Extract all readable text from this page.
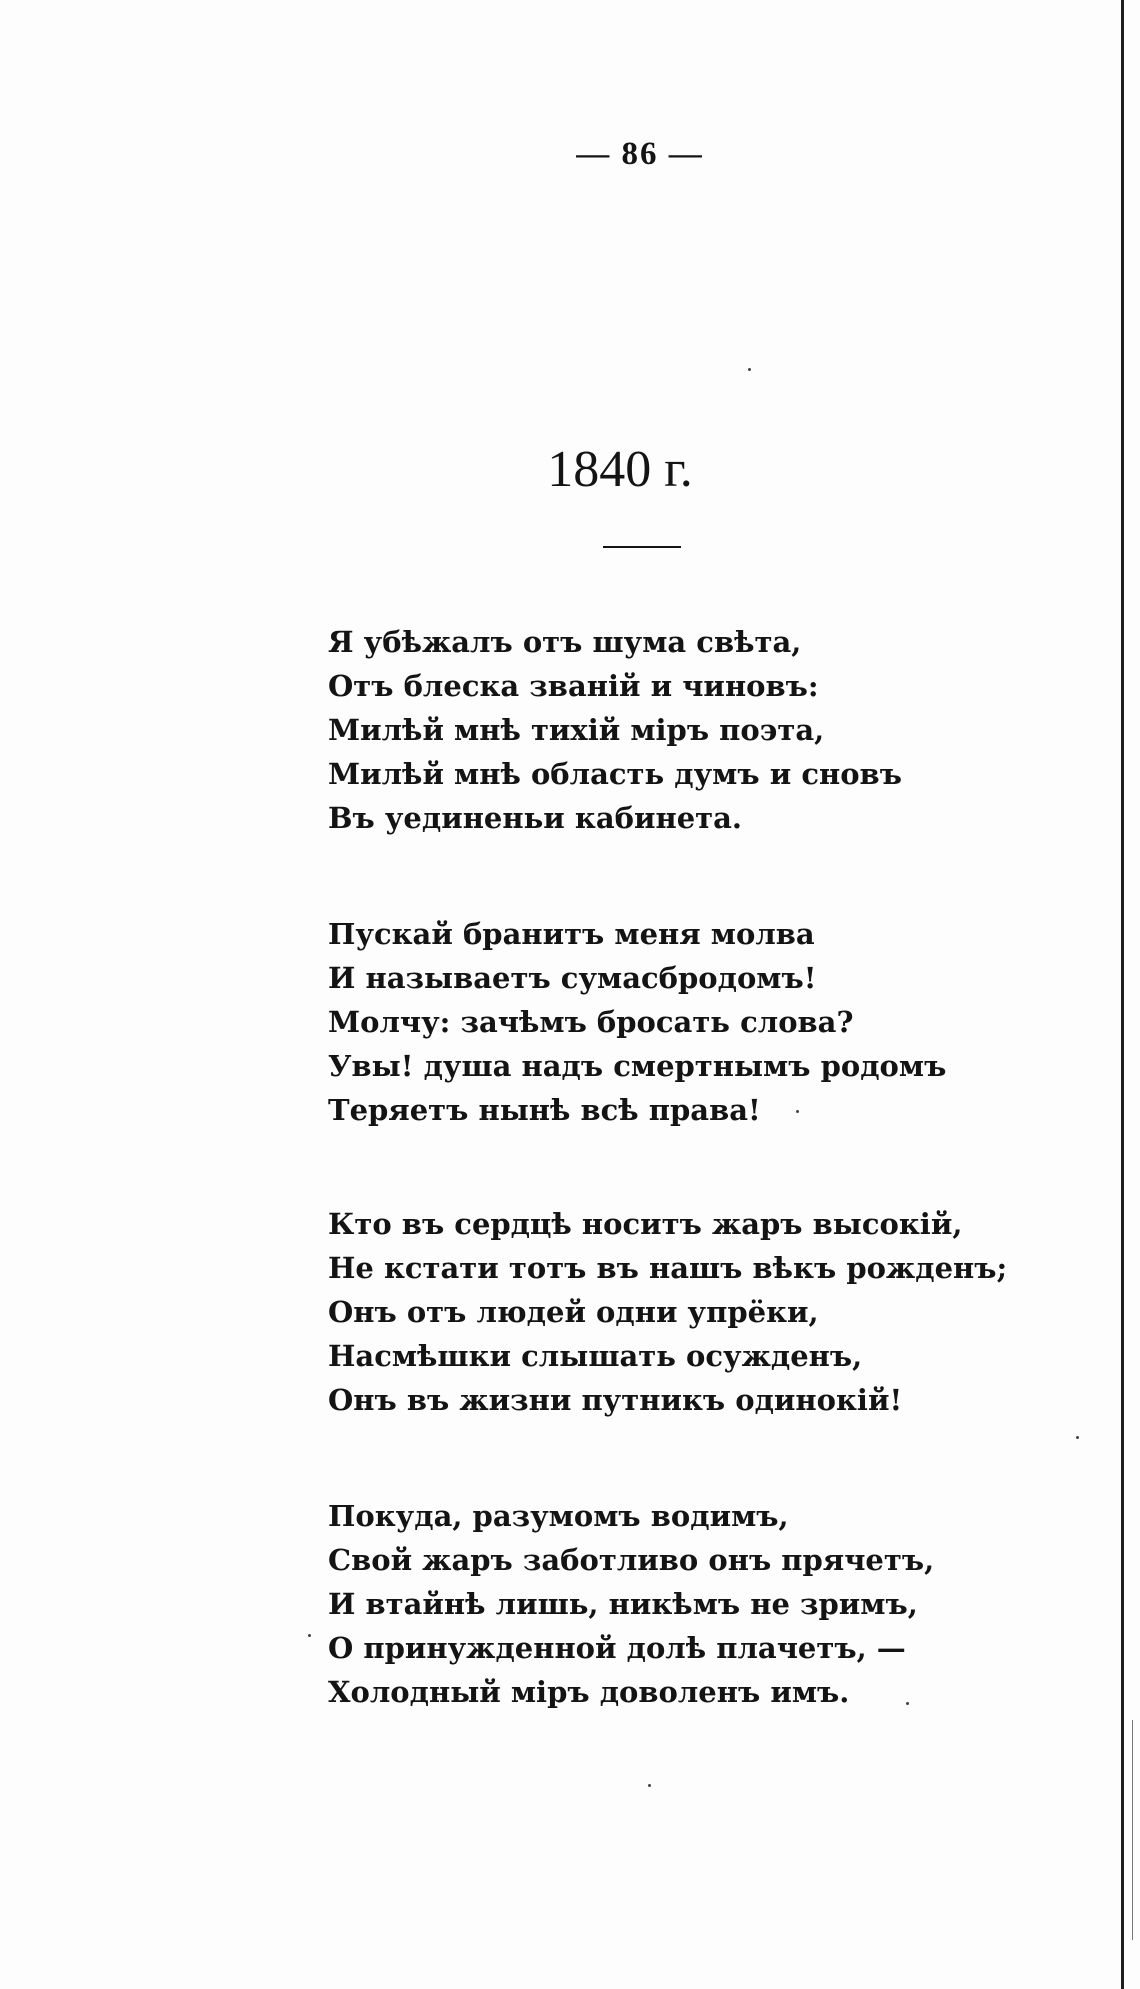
— 86 —
1840 г.
Я убѣжалъ отъ шума свѣта,
Отъ блеска званій и чиновъ:
Милѣй мнѣ тихій міръ поэта,
Милѣй мнѣ область думъ и сновъ
Въ уединеньи кабинета.
Пускай бранитъ меня молва
И называетъ сумасбродомъ!
Молчу: зачѣмъ бросать слова?
Увы! душа надъ смертнымъ родомъ
Теряетъ нынѣ всѣ права!
Кто въ сердцѣ носитъ жаръ высокій,
Не кстати тотъ въ нашъ вѣкъ рожденъ;
Онъ отъ людей одни упрёки,
Насмѣшки слышать осужденъ,
Онъ въ жизни путникъ одинокій!
Покуда, разумомъ водимъ,
Свой жаръ заботливо онъ прячетъ,
И втайнѣ лишь, никѣмъ не зримъ,
О принужденной долѣ плачетъ, —
Холодный міръ доволенъ имъ.
